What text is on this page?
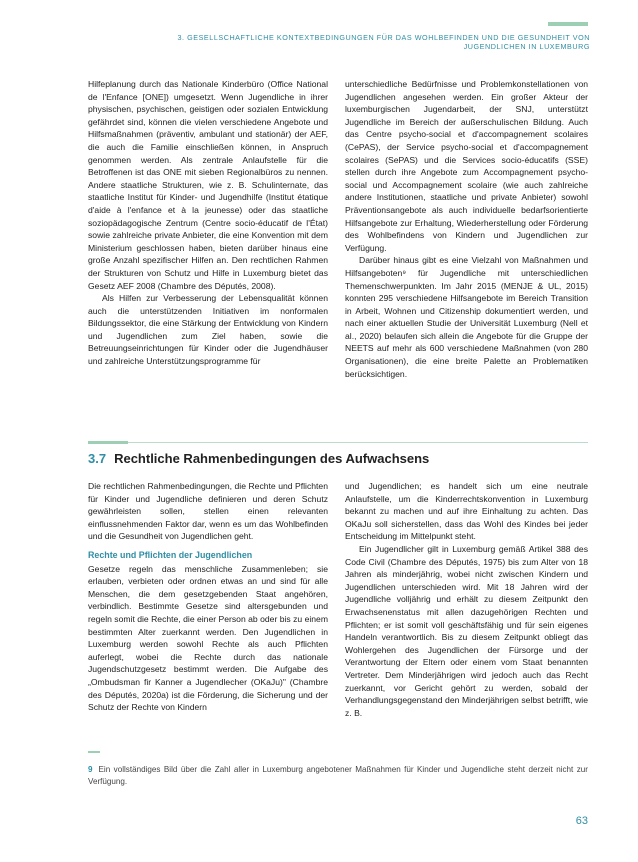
3. GESELLSCHAFTLICHE KONTEXTBEDINGUNGEN FÜR DAS WOHLBEFINDEN UND DIE GESUNDHEIT VON JUGENDLICHEN IN LUXEMBURG

Hilfeplanung durch das Nationale Kinderbüro (Office National de l'Enfance [ONE]) umgesetzt. Wenn Jugendliche in ihrer physischen, psychischen, geistigen oder sozialen Entwicklung gefährdet sind, können die vielen verschiedene Angebote und Hilfsmaßnahmen (präventiv, ambulant und stationär) der AEF, die auch die Familie einschließen können, in Anspruch genommen werden. Als zentrale Anlaufstelle für die Betroffenen ist das ONE mit sieben Regionalbüros zu nennen. Andere staatliche Strukturen, wie z. B. Schulinternate, das staatliche Institut für Kinder- und Jugendhilfe (Institut étatique d'aide à l'enfance et à la jeunesse) oder das staatliche soziopädagogische Zentrum (Centre socio-éducatif de l'État) sowie zahlreiche private Anbieter, die eine Konvention mit dem Ministerium geschlossen haben, bieten darüber hinaus eine große Anzahl spezifischer Hilfen an. Den rechtlichen Rahmen der Strukturen von Schutz und Hilfe in Luxemburg bietet das Gesetz AEF 2008 (Chambre des Députés, 2008).

Als Hilfen zur Verbesserung der Lebensqualität können auch die unterstützenden Initiativen im nonformalen Bildungssektor, die eine Stärkung der Entwicklung von Kindern und Jugendlichen zum Ziel haben, sowie die Betreuungseinrichtungen für Kinder oder die Jugendhäuser und zahlreiche Unterstützungsprogramme für

unterschiedliche Bedürfnisse und Problemkonstellationen von Jugendlichen angesehen werden. Ein großer Akteur der luxemburgischen Jugendarbeit, der SNJ, unterstützt Jugendliche im Bereich der außerschulischen Bildung. Auch das Centre psycho-social et d'accompagnement scolaires (CePAS), der Service psycho-social et d'accompagnement scolaires (SePAS) und die Services socio-éducatifs (SSE) stellen durch ihre Angebote zum Accompagnement psycho-social und Accompagnement scolaire (wie auch zahlreiche andere Institutionen, staatliche und private Anbieter) sowohl Präventionsangebote als auch individuelle bedarfsorientierte Hilfsangebote zur Erhaltung, Wiederherstellung oder Förderung des Wohlbefindens von Kindern und Jugendlichen zur Verfügung.

Darüber hinaus gibt es eine Vielzahl von Maßnahmen und Hilfsangeboten⁹ für Jugendliche mit unterschiedlichen Themenschwerpunkten. Im Jahr 2015 (MENJE & UL, 2015) konnten 295 verschiedene Hilfsangebote im Bereich Transition in Arbeit, Wohnen und Citizenship dokumentiert werden, und nach einer aktuellen Studie der Universität Luxemburg (Nell et al., 2020) belaufen sich allein die Angebote für die Gruppe der NEETS auf mehr als 600 verschiedene Maßnahmen (von 280 Organisationen), die eine breite Palette an Problematiken berücksichtigen.

3.7 Rechtliche Rahmenbedingungen des Aufwachsens

Die rechtlichen Rahmenbedingungen, die Rechte und Pflichten für Kinder und Jugendliche definieren und deren Schutz gewährleisten sollen, stellen einen relevanten einflussnehmenden Faktor dar, wenn es um das Wohlbefinden und die Gesundheit von Jugendlichen geht.

Rechte und Pflichten der Jugendlichen

Gesetze regeln das menschliche Zusammenleben; sie erlauben, verbieten oder ordnen etwas an und sind für alle Menschen, die dem gesetzgebenden Staat angehören, verbindlich. Bestimmte Gesetze sind altersgebunden und regeln somit die Rechte, die einer Person ab oder bis zu einem bestimmten Alter zuerkannt werden. Den Jugendlichen in Luxemburg werden sowohl Rechte als auch Pflichten auferlegt, wobei die Rechte durch das nationale Jugendschutzgesetz bestimmt werden. Die Aufgabe des „Ombudsman fir Kanner a Jugendlecher (OKaJu)" (Chambre des Députés, 2020a) ist die Förderung, die Sicherung und der Schutz der Rechte von Kindern

und Jugendlichen; es handelt sich um eine neutrale Anlaufstelle, um die Kinderrechtskonvention in Luxemburg bekannt zu machen und auf ihre Einhaltung zu achten. Das OKaJu soll sicherstellen, dass das Wohl des Kindes bei jeder Entscheidung im Mittelpunkt steht.

Ein Jugendlicher gilt in Luxemburg gemäß Artikel 388 des Code Civil (Chambre des Députés, 1975) bis zum Alter von 18 Jahren als minderjährig, wobei nicht zwischen Kindern und Jugendlichen unterschieden wird. Mit 18 Jahren wird der Jugendliche volljährig und erhält zu diesem Zeitpunkt den Erwachsenenstatus mit allen dazugehörigen Rechten und Pflichten; er ist somit voll geschäftsfähig und für sein eigenes Handeln verantwortlich. Bis zu diesem Zeitpunkt obliegt das Wohlergehen des Jugendlichen der Fürsorge und der Verantwortung der Eltern oder einem vom Staat benannten Vertreter. Dem Minderjährigen wird jedoch auch das Recht zuerkannt, vor Gericht gehört zu werden, sobald der Verhandlungsgegenstand den Minderjährigen selbst betrifft, wie z. B.

9 Ein vollständiges Bild über die Zahl aller in Luxemburg angebotener Maßnahmen für Kinder und Jugendliche steht derzeit nicht zur Verfügung.
63
